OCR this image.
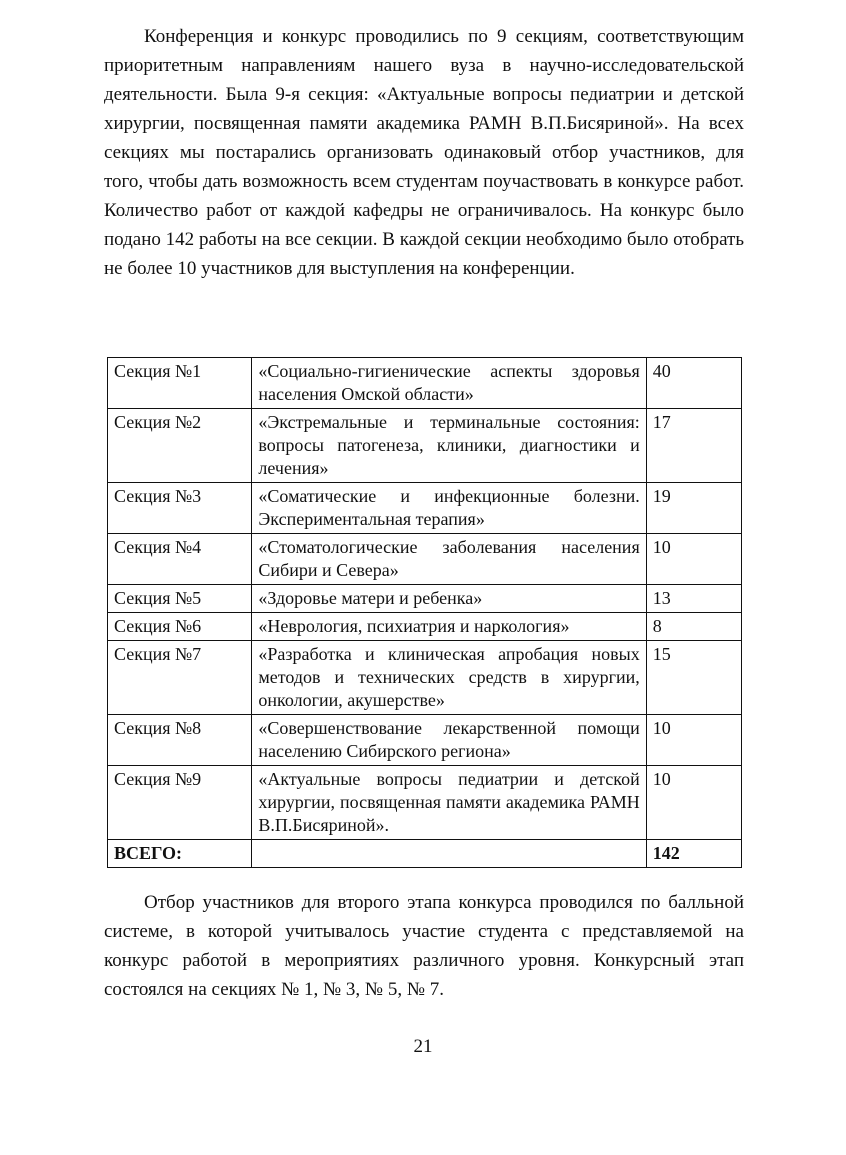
Конференция и конкурс проводились по 9 секциям, соответствующим приоритетным направлениям нашего вуза в научно-исследовательской деятельности. Была 9-я секция: «Актуальные вопросы педиатрии и детской хирургии, посвященная памяти академика РАМН В.П.Бисяриной». На всех секциях мы постарались организовать одинаковый отбор участников, для того, чтобы дать возможность всем студентам поучаствовать в конкурсе работ. Количество работ от каждой кафедры не ограничивалось. На конкурс было подано 142 работы на все секции. В каждой секции необходимо было отобрать не более 10 участников для выступления на конференции.

Секция №1	«Социально-гигиенические аспекты здоровья населения Омской области»	40
Секция №2	«Экстремальные и терминальные состояния: вопросы патогенеза, клиники, диагностики и лечения»	17
Секция №3	«Соматические и инфекционные болезни. Экспериментальная терапия»	19
Секция №4	«Стоматологические заболевания населения Сибири и Севера»	10
Секция №5	«Здоровье матери и ребенка»	13
Секция №6	«Неврология, психиатрия и наркология»	8
Секция №7	«Разработка и клиническая апробация новых методов и технических средств в хирургии, онкологии, акушерстве»	15
Секция №8	«Совершенствование лекарственной помощи населению Сибирского региона»	10
Секция №9	«Актуальные вопросы педиатрии и детской хирургии, посвященная памяти академика РАМН В.П.Бисяриной».	10
ВСЕГО:		142

Отбор участников для второго этапа конкурса проводился по балльной системе, в которой учитывалось участие студента с представляемой на конкурс работой в мероприятиях различного уровня. Конкурсный этап состоялся на секциях № 1, № 3, № 5, № 7.

21
